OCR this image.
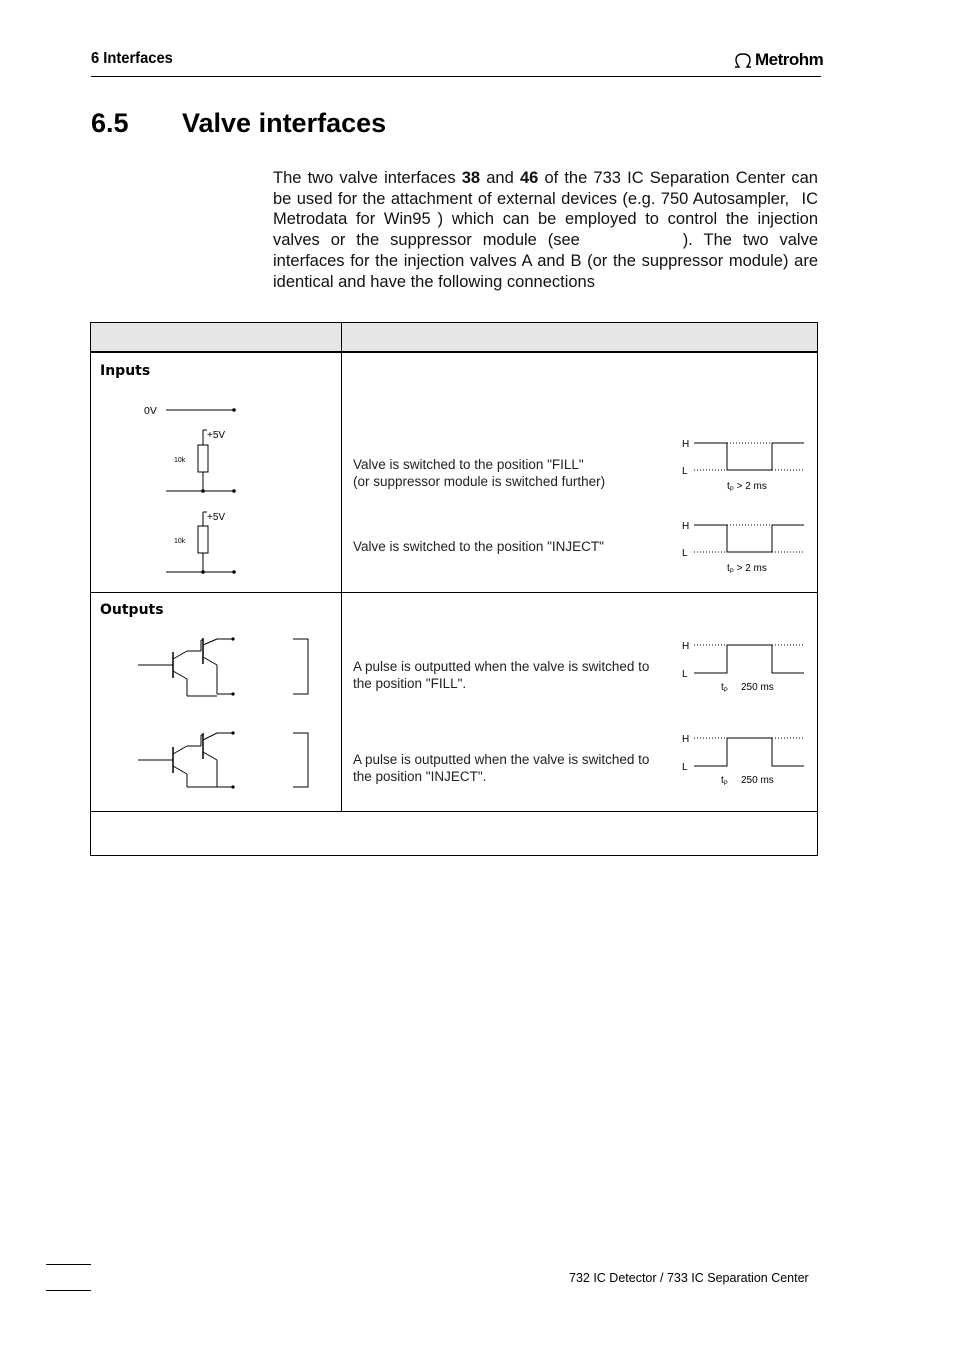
6 Interfaces	Metrohm
6.5 Valve interfaces
The two valve interfaces 38 and 46 of the 733 IC Separation Center can be used for the attachment of external devices (e.g. 750 Autosampler, IC Metrodata for Win95 ) which can be employed to control the injection valves or the suppressor module (see	). The two valve interfaces for the injection valves A and B (or the suppressor module) are identical and have the following connections
Inputs
0V
+5V
10k
+5V
10k
Valve is switched to the position "FILL"
(or suppressor module is switched further)
Valve is switched to the position "INJECT"
H
L
$t_P > 2$ ms
H
L
$t_P > 2$ ms
Outputs
A pulse is outputted when the valve is switched to
the position "FILL".
A pulse is outputted when the valve is switched to
the position "INJECT".
H
L
$t_P$ 250 ms
H
L
$t_P$ 250 ms
732 IC Detector / 733 IC Separation Center
